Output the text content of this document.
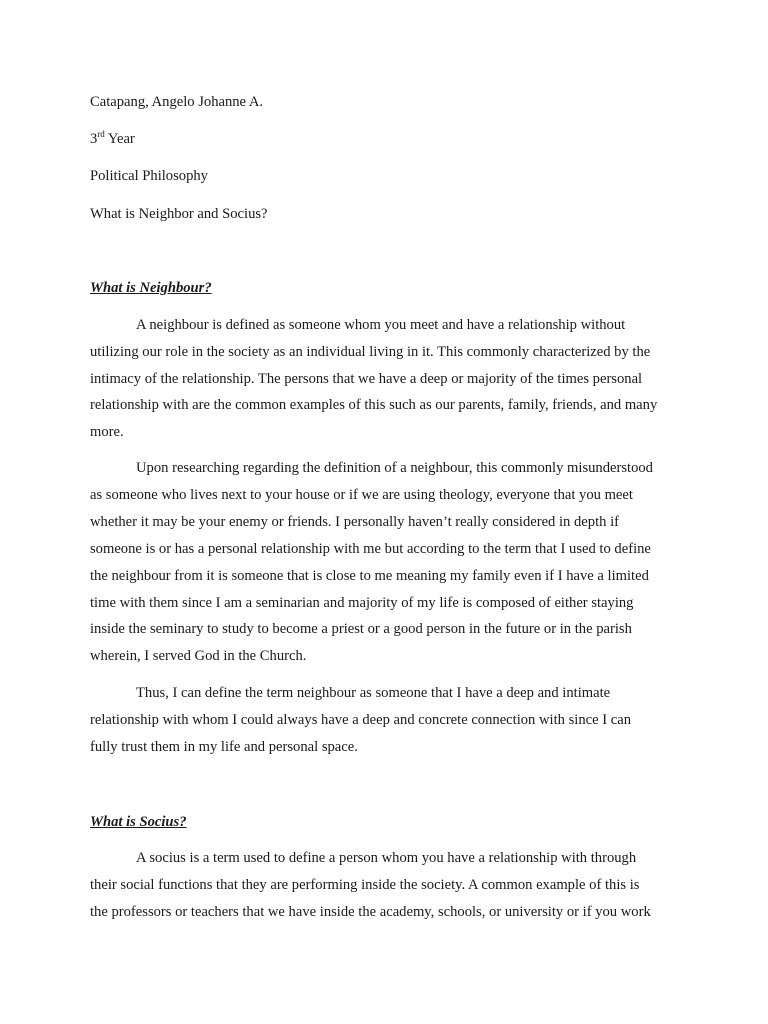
Catapang, Angelo Johanne A.
3rd Year
Political Philosophy
What is Neighbor and Socius?
What is Neighbour?
A neighbour is defined as someone whom you meet and have a relationship without
utilizing our role in the society as an individual living in it. This commonly characterized by the
intimacy of the relationship. The persons that we have a deep or majority of the times personal
relationship with are the common examples of this such as our parents, family, friends, and many
more.
Upon researching regarding the definition of a neighbour, this commonly misunderstood
as someone who lives next to your house or if we are using theology, everyone that you meet
whether it may be your enemy or friends. I personally haven’t really considered in depth if
someone is or has a personal relationship with me but according to the term that I used to define
the neighbour from it is someone that is close to me meaning my family even if I have a limited
time with them since I am a seminarian and majority of my life is composed of either staying
inside the seminary to study to become a priest or a good person in the future or in the parish
wherein, I served God in the Church.
Thus, I can define the term neighbour as someone that I have a deep and intimate
relationship with whom I could always have a deep and concrete connection with since I can
fully trust them in my life and personal space.
What is Socius?
A socius is a term used to define a person whom you have a relationship with through
their social functions that they are performing inside the society. A common example of this is
the professors or teachers that we have inside the academy, schools, or university or if you work
